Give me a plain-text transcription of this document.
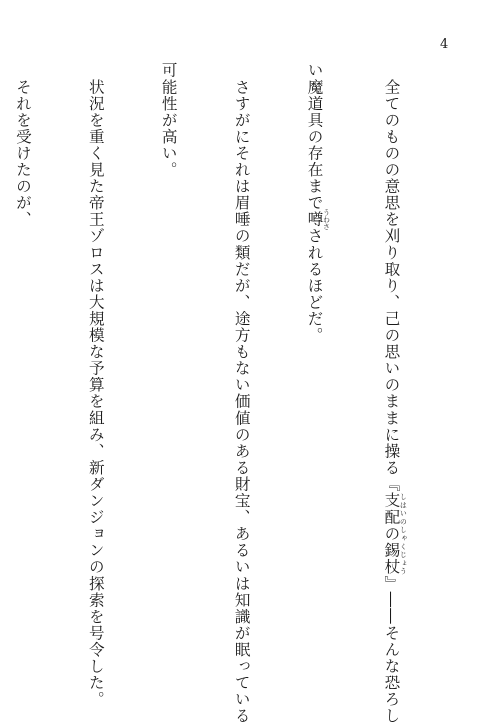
4

　全てのものの意思を刈り取り、己の思いのままに操る『支配の錫杖 しはいのしゃくじょう』――そんな恐ろし

い魔道具の存在まで噂 うわさされるほどだ。

　さすがにそれは眉唾の類だが、途方もない価値のある財宝、あるいは知識が眠っている

可能性が高い。

　状況を重く見た帝王ゾロスは大規模な予算を組み、新ダンジョンの探索を号令した。

　それを受けたのが、
